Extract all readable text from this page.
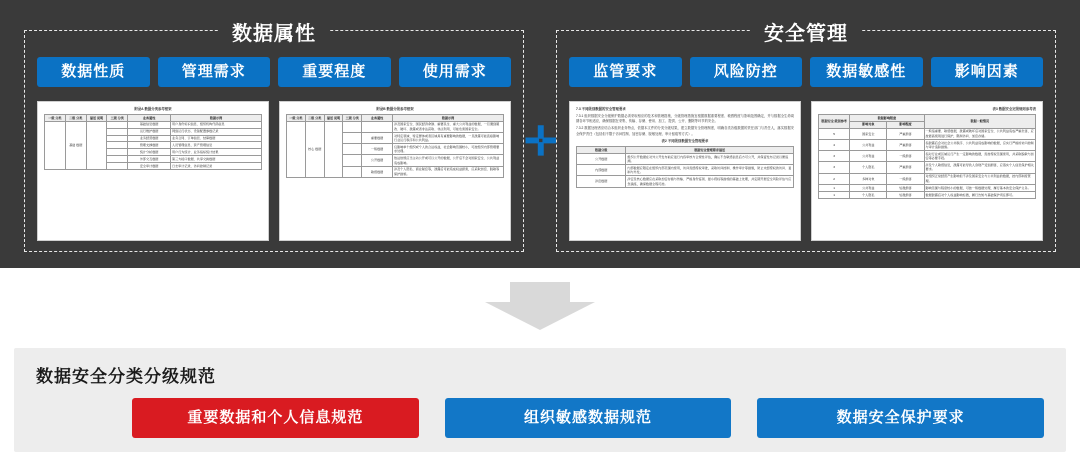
数据属性
数据性质	管理需求	重要程度	使用需求
附录A 数据分类参考框架
一级 分类	二级 分类	描述 说明	三级 分类	业务属性	数据示例
	基础 数据			基础信息数据	用户身份标识信息、组织机构代码信息
				运行维护数据	网络运行状态、设备配置参数记录
				业务经营数据	业务合同、订单信息、结算数据
				管理支撑数据	人员管理信息、资产管理信息
				统计分析数据	用户行为统计、业务指标统计结果
				外部交互数据	第三方接口数据、共享交换数据
				安全审计数据	日志审计记录、访问控制记录
附录B 数据分级参考框架
一级 分类	二级 分类	描述 说明	三级 分类	业务属性	数据示例
	核心 数据				涉及国家安全、国民经济命脉、重要民生、重大公共利益的数据，一旦遭到篡改、破坏、泄露或者非法获取、非法利用，可能危害国家安全。
				重要数据	对特定领域、特定群体或者区域具有重要影响的数据，一旦泄露可能直接影响行业运行秩序和公共利益。
				一般数据	仅影响单个组织或个人的合法权益，社会影响范围较小，可按组织内部管理要求处理。
				公开数据	依法依规应当主动公开或可以公开的数据，公开后不会对国家安全、公共利益造成影响。
				敏感数据	涉及个人隐私、商业秘密等，泄露后可能造成权益损害，应采取加密、脱敏等保护措施。
✛
安全管理
监管要求	风险防控	数据敏感性	影响因素
7.3 不同级别数据的安全管理要求

7.3.1 组织数据安全分级保护数据必须采取相应的技术和管理措施，分级管理措施宜根据数据重要程度、敏感程度与影响范围确定，并与数据全生命周期各环节相适应，确保数据在采集、传输、存储、使用、加工、提供、公开、删除等环节的安全。

7.3.2 数据处理者应结合本组织业务特点，依据本文件的分类分级结果，建立数据安全管理制度，明确各类各级数据的责任部门与责任人，落实数据安全保护责任（包括但不限于访问控制、加密存储、脱敏处理、审计留痕等方式）。

表2 不同级别数据安全管理要求
数据分级	数据安全管理要求描述
公开数据	组织公开数据在对外公开发布前应进行内容审核与合规性评估，确认不含敏感信息后方可公开，并保留发布记录以便追溯。
内部数据	内部数据应限定在组织内部范围内使用，访问需经授权审批，采取访问控制、操作审计等措施，防止未经授权的访问、复制与外发。
涉密数据	涉密及核心数据应在采取加密存储与传输、严格身份鉴别、最小授权等措施的基础上处理，并定期开展安全风险评估与应急演练，确保数据全程可控。
表3 数据安全定级规则参考表
数据安全 级别参考	数据影响程度		数据一般情况
	影响对象	影响程度	
5	国家安全	严重损害	一般指重要、敏感数据，泄露或破坏后对国家安全、公共利益造成严重危害，应按最高级别进行保护，限制访问、加密存储。
4	公共利益	严重损害	指泄露后会对社会公共秩序、公共利益造成影响的数据，应实行严格的访问控制与审计追踪措施。
3	公共利益	一般损害	指对行业或区域运行产生一定影响的数据，需按授权范围使用，并采取脱敏与加密等必要手段。
3	个人隐私	严重损害	涉及个人敏感信息，泄露可能导致人身财产受到损害，应落实个人信息保护相关要求。
2	多种对象	一般损害	对组织正常经营产生影响但不涉及国家安全与公共利益的数据，按内部制度管理。
1	公共利益	轻微损害	影响范围与程度较小的数据，可按一般数据处理，履行基本的安全保护义务。
1	个人隐私	轻微损害	数据泄露后对个人权益影响轻微，履行告知与基础保护责任即可。
数据安全分类分级规范
重要数据和个人信息规范	组织敏感数据规范	数据安全保护要求
